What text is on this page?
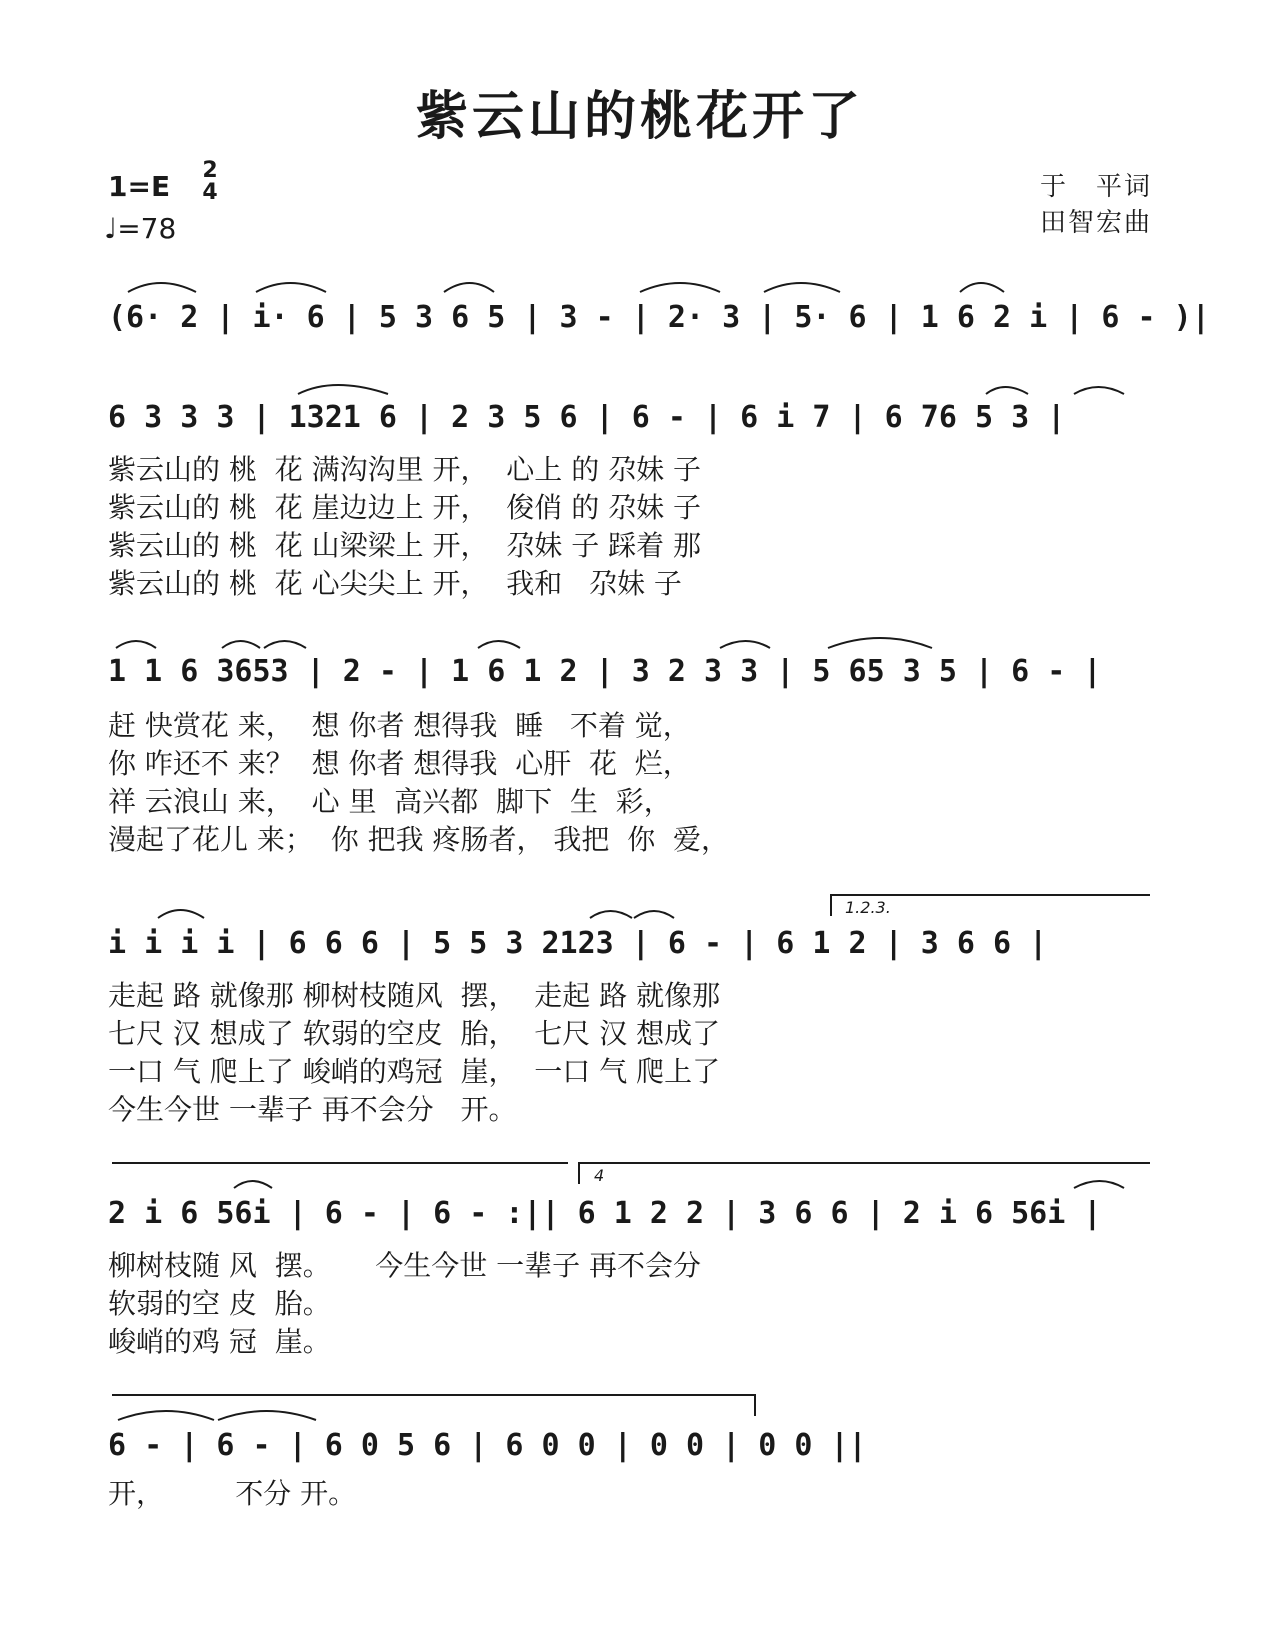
紫云山的桃花开了
1=E	2
4
♩=78
于　平词
田智宏曲
(6· 2 | i· 6 | 5 3 6 5 | 3 - | 2· 3 | 5· 6 | 1 6 2 i | 6 - )|
6 3 3 3 | 1321 6 | 2 3 5 6 | 6 - | 6 i 7 | 6 76 5 3 |
紫云山的 桃  花 满沟沟里 开，  心上 的 尕妹 子
紫云山的 桃  花 崖边边上 开，  俊俏 的 尕妹 子
紫云山的 桃  花 山梁梁上 开，  尕妹 子 踩着 那
紫云山的 桃  花 心尖尖上 开，  我和   尕妹 子
1 1 6 3653 | 2 - | 1 6 1 2 | 3 2 3 3 | 5 65 3 5 | 6 - |
赶 快赏花 来，  想 你者 想得我  睡   不着 觉，
你 咋还不 来？  想 你者 想得我  心肝  花  烂，
祥 云浪山 来，  心 里  高兴都  脚下  生  彩，
漫起了花儿 来；  你 把我 疼肠者， 我把  你  爱，
1.2.3.
i i i i | 6 6 6 | 5 5 3 2123 | 6 - | 6 1 2 | 3 6 6 |
走起 路 就像那 柳树枝随风  摆，  走起 路 就像那
七尺 汉 想成了 软弱的空皮  胎，  七尺 汉 想成了
一口 气 爬上了 峻峭的鸡冠  崖，  一口 气 爬上了
今生今世 一辈子 再不会分   开。
4
2 i 6 56i | 6 - | 6 - :|| 6 1 2 2 | 3 6 6 | 2 i 6 56i |
柳树枝随 风  摆。     今生今世 一辈子 再不会分
软弱的空 皮  胎。
峻峭的鸡 冠  崖。
6 - | 6 - | 6 0 5 6 | 6 0 0 | 0 0 | 0 0 ||
开，        不分 开。
